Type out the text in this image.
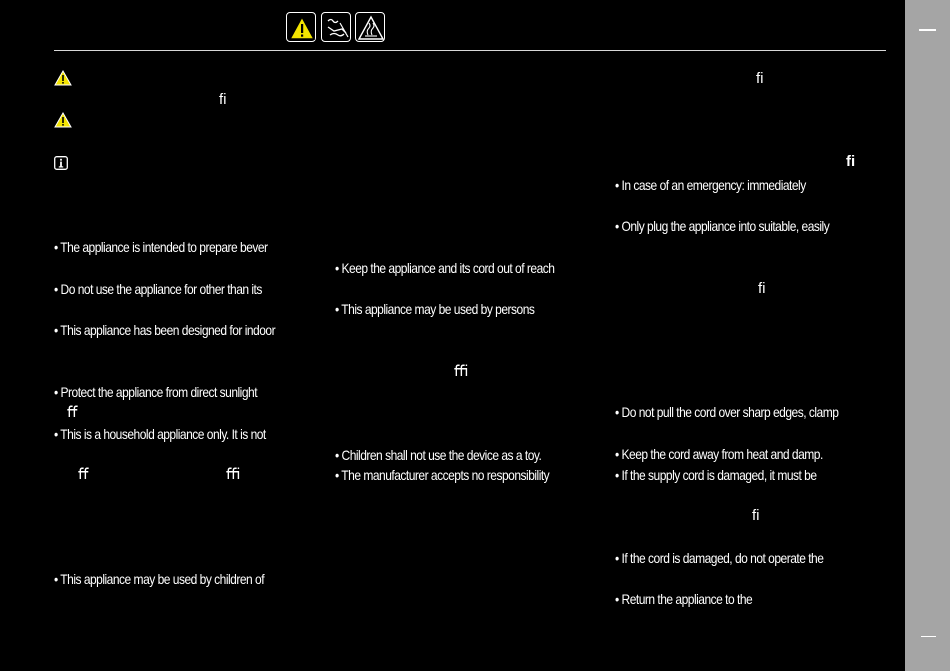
ﬁ
ﬁ
ﬁ
ﬁ
ﬀ
ﬃ
ﬀ	ﬃ
ﬁ
• The appliance is intended to prepare bever
• Do not use the appliance for other than its
• This appliance has been designed for indoor
• Protect the appliance from direct sunlight
• This is a household appliance only. It is not
• This appliance may be used by children of
• Keep the appliance and its cord out of reach
• This appliance may be used by persons
• Children shall not use the device as a toy.
• The manufacturer accepts no responsibility
• In case of an emergency: immediately
• Only plug the appliance into suitable, easily
• Do not pull the cord over sharp edges, clamp
• Keep the cord away from heat and damp.
• If the supply cord is damaged, it must be
• If the cord is damaged, do not operate the
• Return the appliance to the
